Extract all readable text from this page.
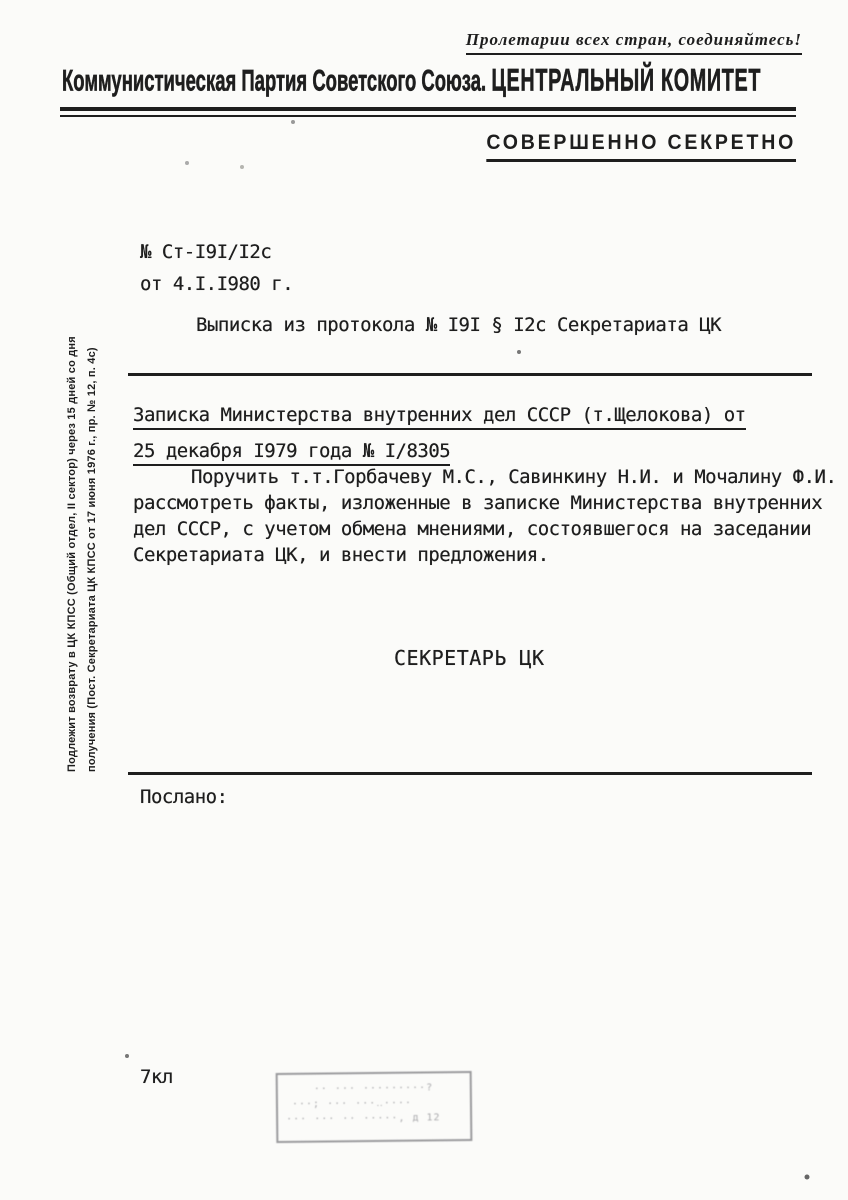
Пролетарии всех стран, соединяйтесь!
Коммунистическая Партия Советского Союза. ЦЕНТРАЛЬНЫЙ КОМИТЕТ
СОВЕРШЕННО СЕКРЕТНО
№ Ст-I9I/I2с
от 4.I.I980 г.
Выписка из протокола № I9I § I2с Секретариата ЦК
Записка Министерства внутренних дел СССР (т.Щелокова) от
25 декабря I979 года № I/8305
Поручить т.т.Горбачеву М.С., Савинкину Н.И. и Мочалину Ф.И.
рассмотреть факты, изложенные в записке Министерства внутренних
дел СССР, с учетом обмена мнениями, состоявшегося на заседании
Секретариата ЦК, и внести предложения.
СЕКРЕТАРЬ ЦК
Послано:
Подлежит возврату в ЦК КПСС (Общий отдел, II сектор) через 15 дней со дня получения (Пост. Секретариата ЦК КПСС от 17 июня 1976 г., пр. № 12, п. 4с)
7кл
·· ··· ·········?
···; ··· ···‥····
··· ··· ·· ·····, д 12
